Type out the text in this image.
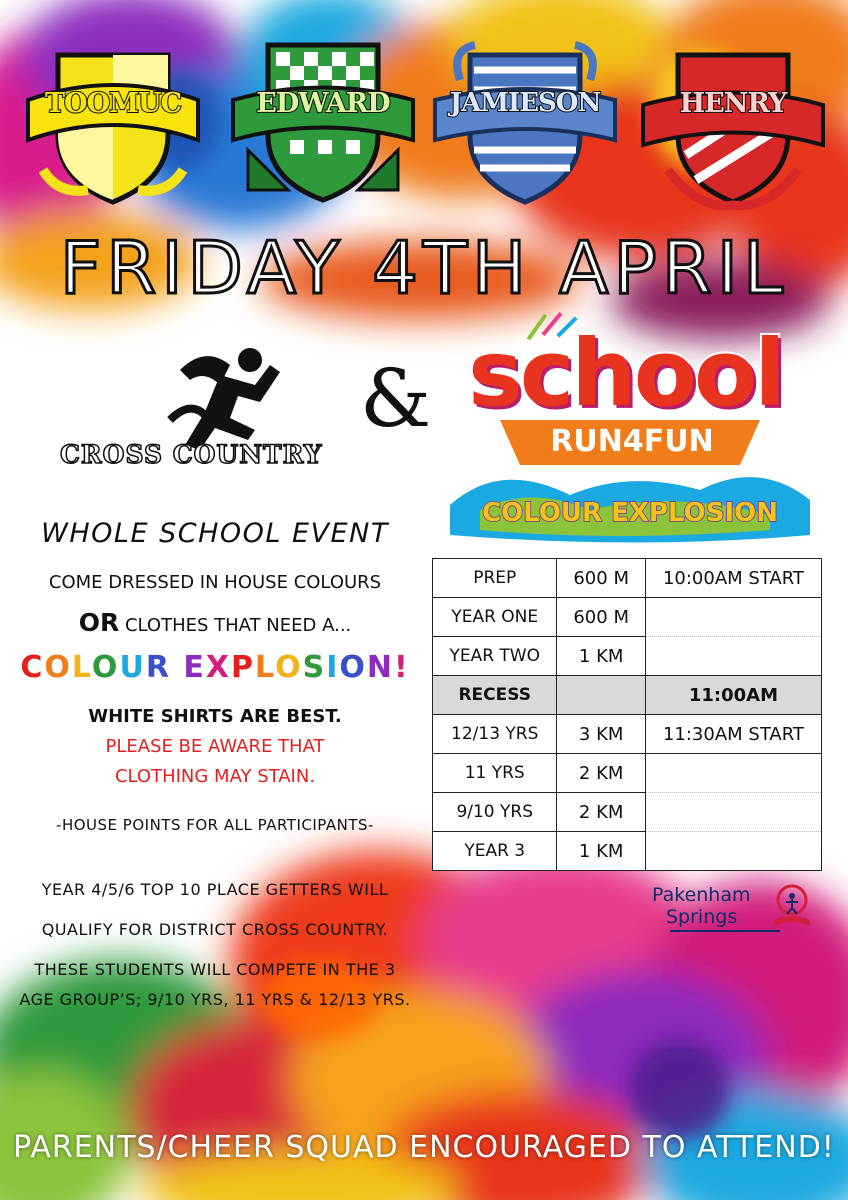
TOOMUC	EDWARD	JAMIESON	HENRY
FRIDAY 4TH APRIL
CROSS COUNTRY
& school
RUN4FUN
COLOUR EXPLOSION
WHOLE SCHOOL EVENT
COME DRESSED IN HOUSE COLOURS
OR CLOTHES THAT NEED A...
COLOUR EXPLOSION!
WHITE SHIRTS ARE BEST.
PLEASE BE AWARE THAT
CLOTHING MAY STAIN.
-HOUSE POINTS FOR ALL PARTICIPANTS-
YEAR 4/5/6 TOP 10 PLACE GETTERS WILL
QUALIFY FOR DISTRICT CROSS COUNTRY.
THESE STUDENTS WILL COMPETE IN THE 3
AGE GROUP’S; 9/10 YRS, 11 YRS & 12/13 YRS.
PREP	600 M	10:00AM START
YEAR ONE	600 M	
YEAR TWO	1 KM	
RECESS		11:00AM
12/13 YRS	3 KM	11:30AM START
11 YRS	2 KM	
9/10 YRS	2 KM	
YEAR 3	1 KM	
Pakenham
Springs
PARENTS/CHEER SQUAD ENCOURAGED TO ATTEND!
